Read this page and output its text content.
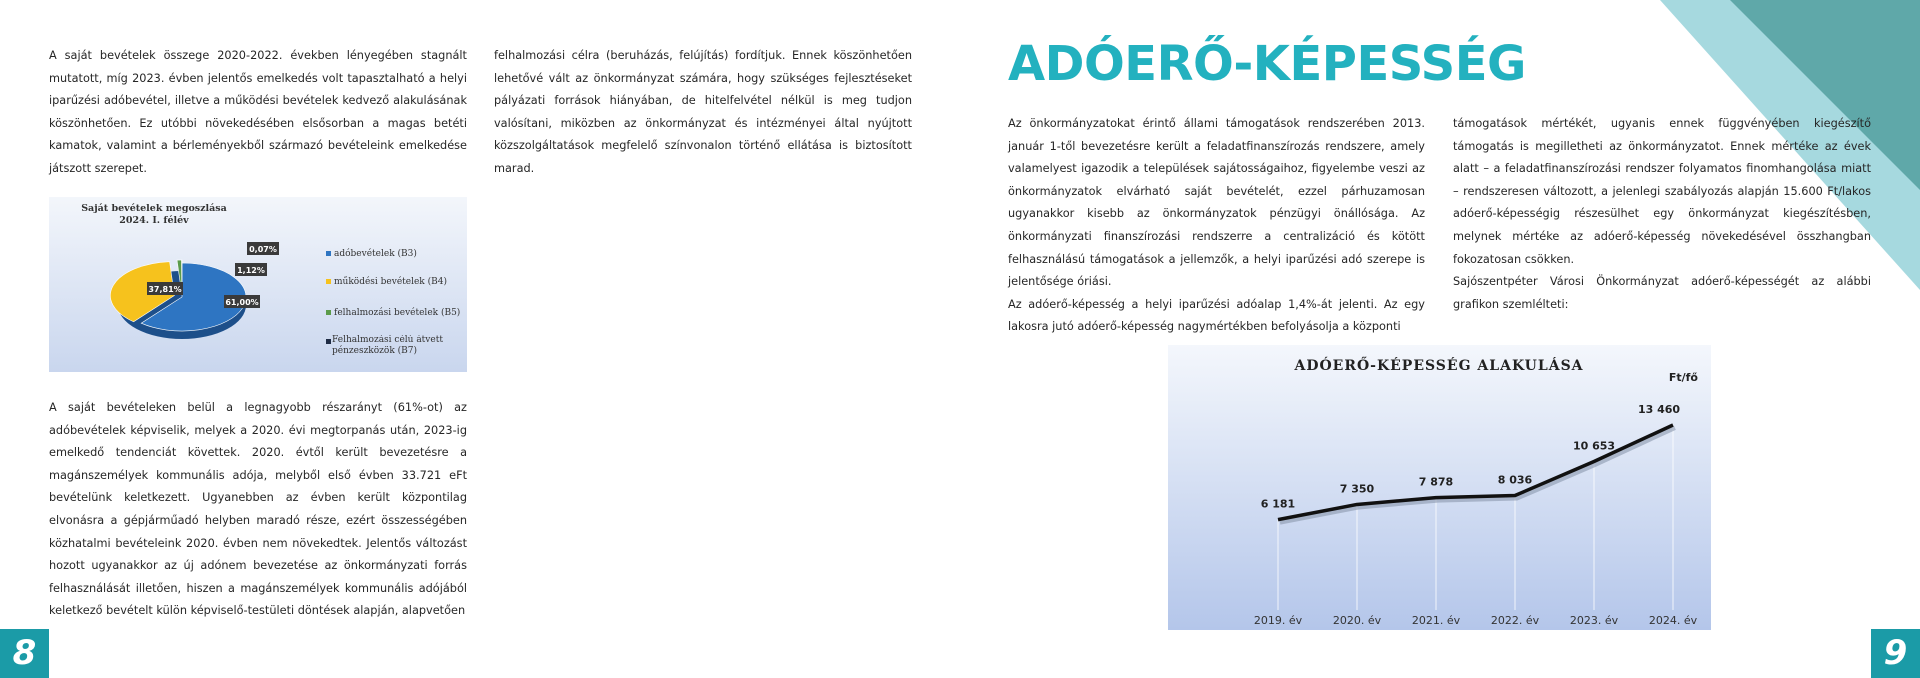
A saját bevételek összege 2020-2022. években lényegében stagnált mutatott, míg 2023. évben jelentős emelkedés volt tapasztalható a helyi iparűzési adóbevétel, illetve a működési bevételek kedvező alakulásának köszönhetően. Ez utóbbi növekedésében elsősorban a magas betéti kamatok, valamint a bérleményekből származó bevételeink emelkedése játszott szerepet.

Saját bevételek megoszlása
2024. I. félév
0,07%
1,12%
37,81%
61,00%
adóbevételek (B3)
működési bevételek (B4)
felhalmozási bevételek (B5)
Felhalmozási célú átvett pénzeszközök (B7)

A saját bevételeken belül a legnagyobb részarányt (61%-ot) az adóbevételek képviselik, melyek a 2020. évi megtorpanás után, 2023-ig emelkedő tendenciát követtek. 2020. évtől került bevezetésre a magánszemélyek kommunális adója, melyből első évben 33.721 eFt bevételünk keletkezett. Ugyanebben az évben került központilag elvonásra a gépjárműadó helyben maradó része, ezért összességében közhatalmi bevételeink 2020. évben nem növekedtek. Jelentős változást hozott ugyanakkor az új adónem bevezetése az önkormányzati forrás felhasználását illetően, hiszen a magánszemélyek kommunális adójából keletkező bevételt külön képviselő-testületi döntések alapján, alapvetően

felhalmozási célra (beruházás, felújítás) fordítjuk. Ennek köszönhetően lehetővé vált az önkormányzat számára, hogy szükséges fejlesztéseket pályázati források hiányában, de hitelfelvétel nélkül is meg tudjon valósítani, miközben az önkormányzat és intézményei által nyújtott közszolgáltatások megfelelő színvonalon történő ellátása is biztosított marad.

8
ADÓERŐ-KÉPESSÉG

Az önkormányzatokat érintő állami támogatások rendszerében 2013. január 1-től bevezetésre került a feladatfinanszírozás rendszere, amely valamelyest igazodik a települések sajátosságaihoz, figyelembe veszi az önkormányzatok elvárható saját bevételét, ezzel párhuzamosan ugyanakkor kisebb az önkormányzatok pénzügyi önállósága. Az önkormányzati finanszírozási rendszerre a centralizáció és kötött felhasználású támogatások a jellemzők, a helyi iparűzési adó szerepe is jelentősége óriási.

Az adóerő-képesség a helyi iparűzési adóalap 1,4%-át jelenti. Az egy lakosra jutó adóerő-képesség nagymértékben befolyásolja a központi

támogatások mértékét, ugyanis ennek függvényében kiegészítő támogatás is megilletheti az önkormányzatot. Ennek mértéke az évek alatt – a feladatfinanszírozási rendszer folyamatos finomhangolása miatt – rendszeresen változott, a jelenlegi szabályozás alapján 15.600 Ft/lakos adóerő-képességig részesülhet egy önkormányzat kiegészítésben, melynek mértéke az adóerő-képesség növekedésével összhangban fokozatosan csökken.

Sajószentpéter Városi Önkormányzat adóerő-képességét az alábbi grafikon szemlélteti:

ADÓERŐ-KÉPESSÉG ALAKULÁSA
Ft/fő
6 181
7 350
7 878	8 036
10 653
13 460
2019. év	2020. év	2021. év	2022. év	2023. év	2024. év
9
